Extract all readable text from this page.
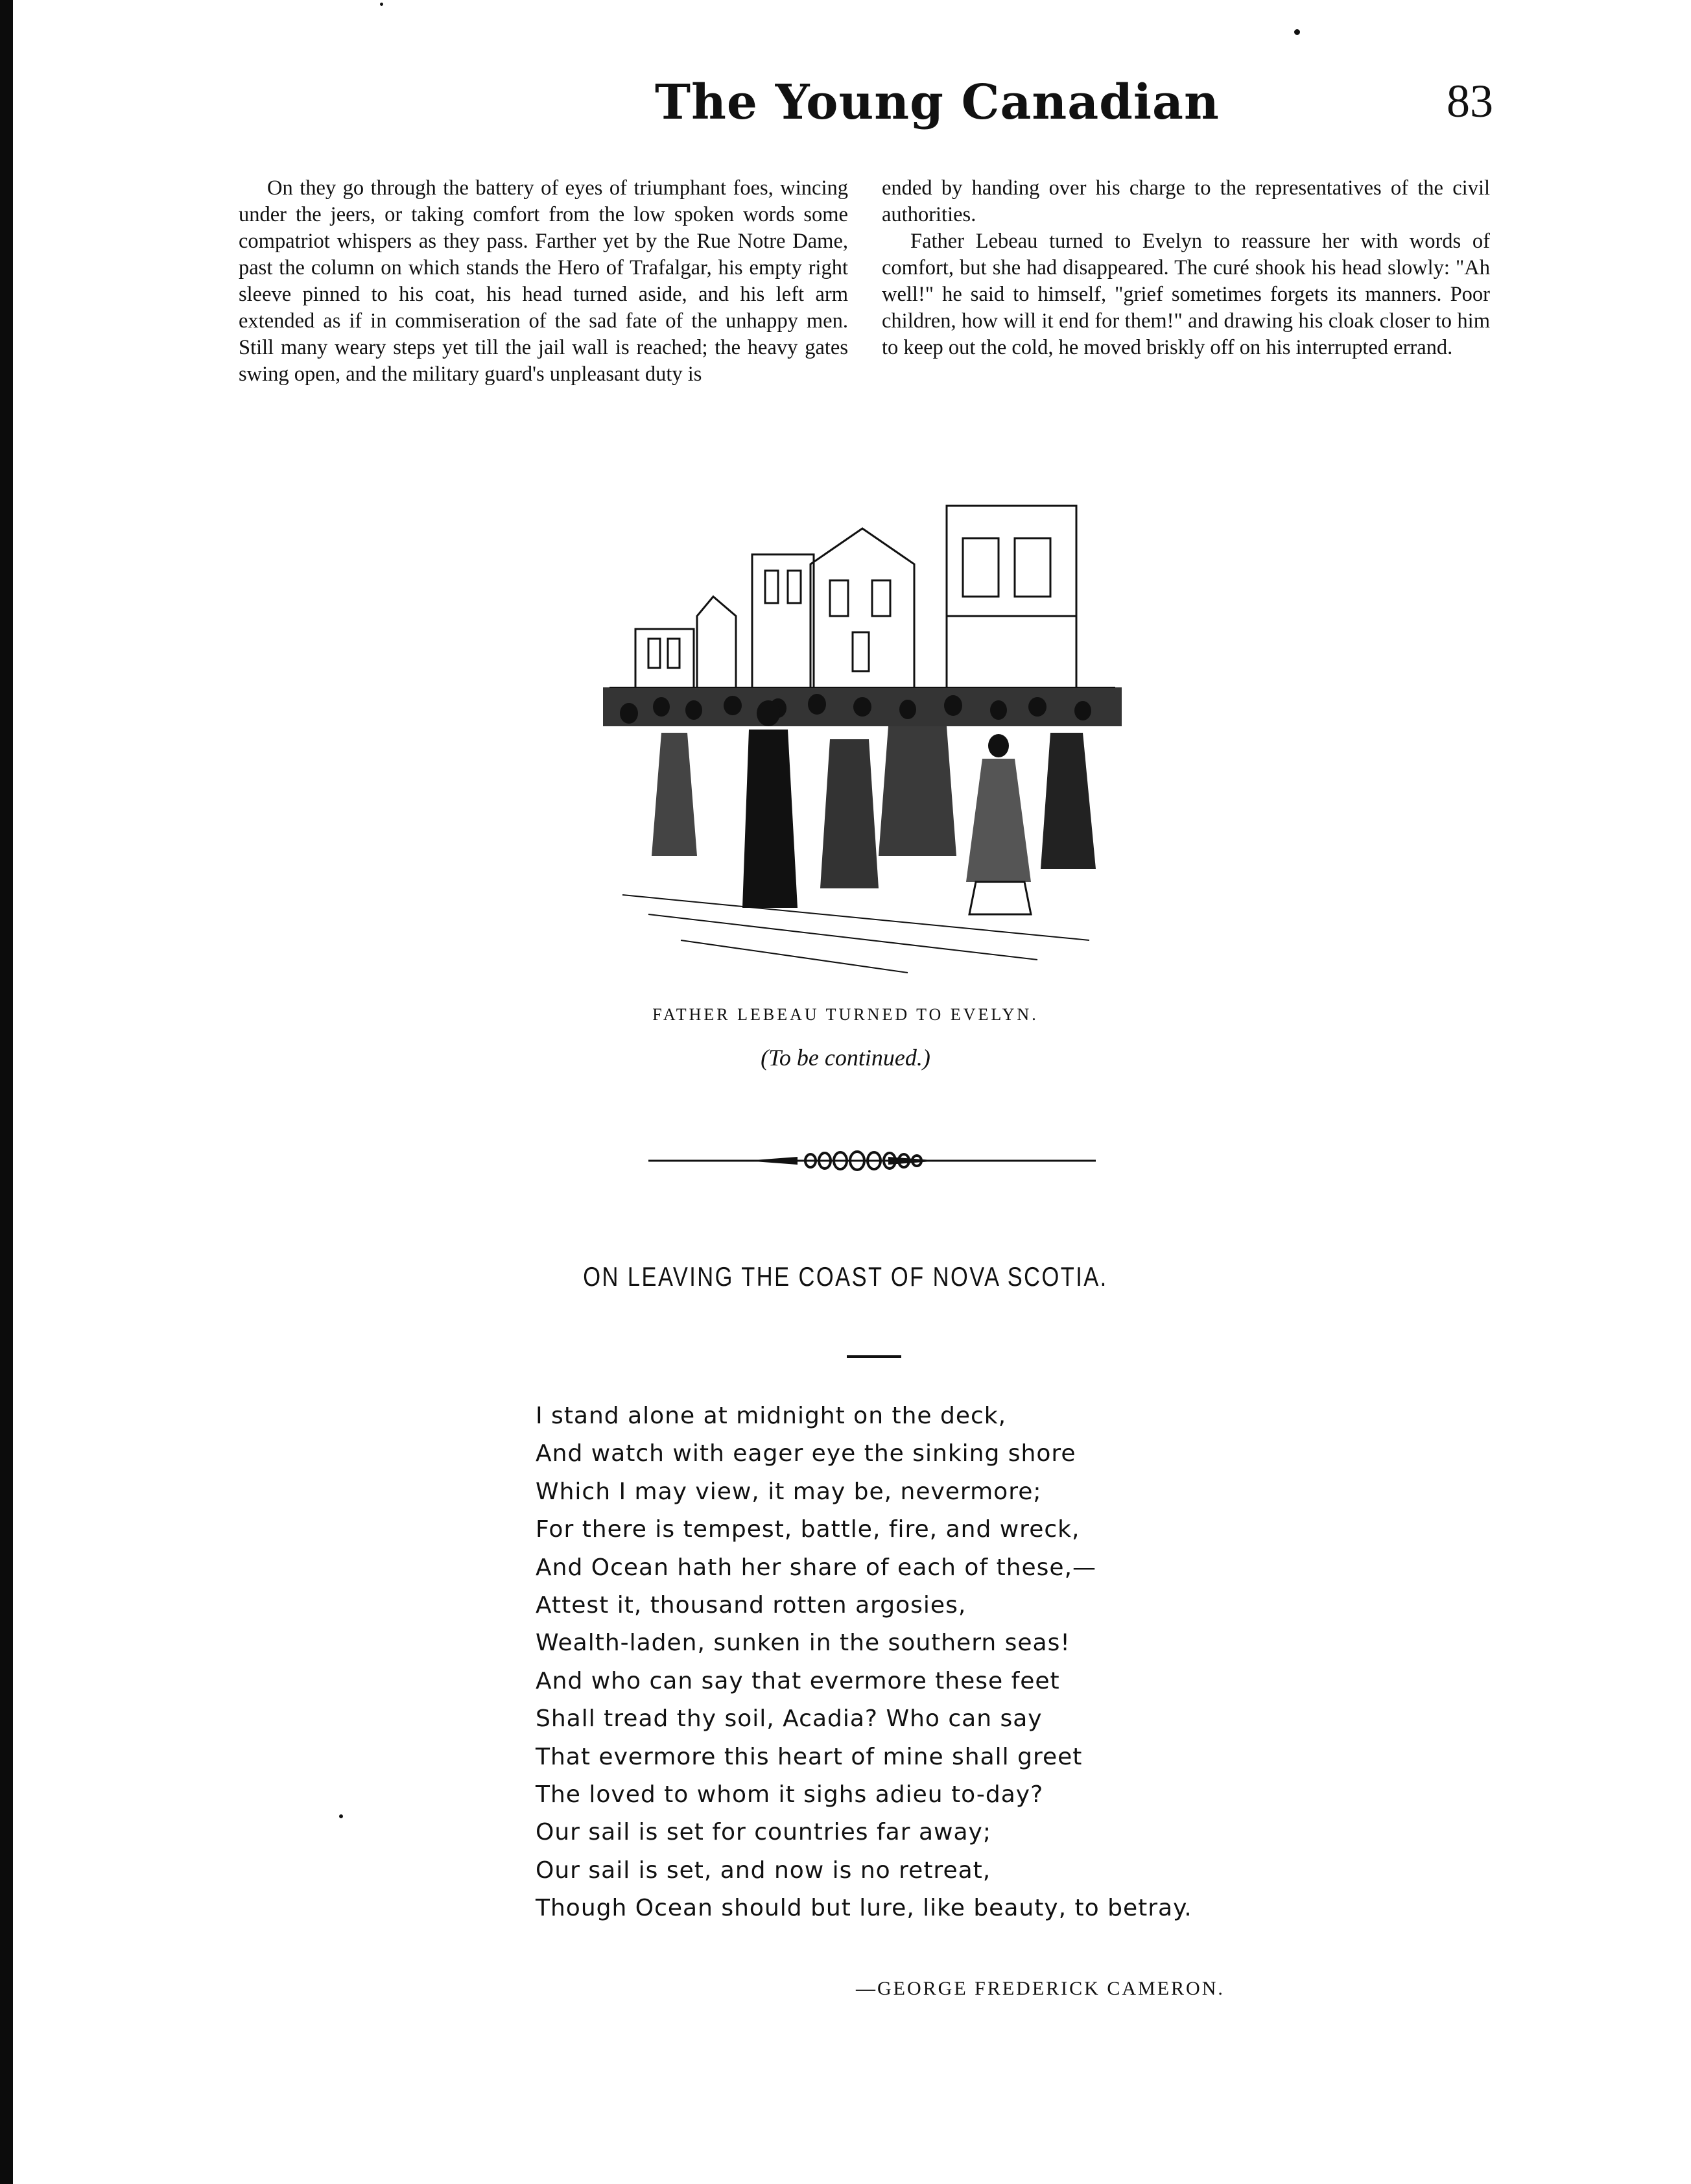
The Young Canadian	83

On they go through the battery of eyes of triumphant foes, wincing under the jeers, or taking comfort from the low spoken words some compatriot whispers as they pass. Farther yet by the Rue Notre Dame, past the column on which stands the Hero of Trafalgar, his empty right sleeve pinned to his coat, his head turned aside, and his left arm extended as if in commiseration of the sad fate of the unhappy men. Still many weary steps yet till the jail wall is reached; the heavy gates swing open, and the military guard's unpleasant duty is

ended by handing over his charge to the representatives of the civil authorities.

Father Lebeau turned to Evelyn to reassure her with words of comfort, but she had disappeared. The curé shook his head slowly: "Ah well!" he said to himself, "grief sometimes forgets its manners. Poor children, how will it end for them!" and drawing his cloak closer to him to keep out the cold, he moved briskly off on his interrupted errand.

FATHER LEBEAU TURNED TO EVELYN.
(To be continued.)
ON LEAVING THE COAST OF NOVA SCOTIA.
I stand alone at midnight on the deck,
And watch with eager eye the sinking shore
Which I may view, it may be, nevermore;
For there is tempest, battle, fire, and wreck,
And Ocean hath her share of each of these,—
Attest it, thousand rotten argosies,
Wealth-laden, sunken in the southern seas!
And who can say that evermore these feet
Shall tread thy soil, Acadia? Who can say
That evermore this heart of mine shall greet
The loved to whom it sighs adieu to-day?
Our sail is set for countries far away;
Our sail is set, and now is no retreat,
Though Ocean should but lure, like beauty, to betray.
—GEORGE FREDERICK CAMERON.
